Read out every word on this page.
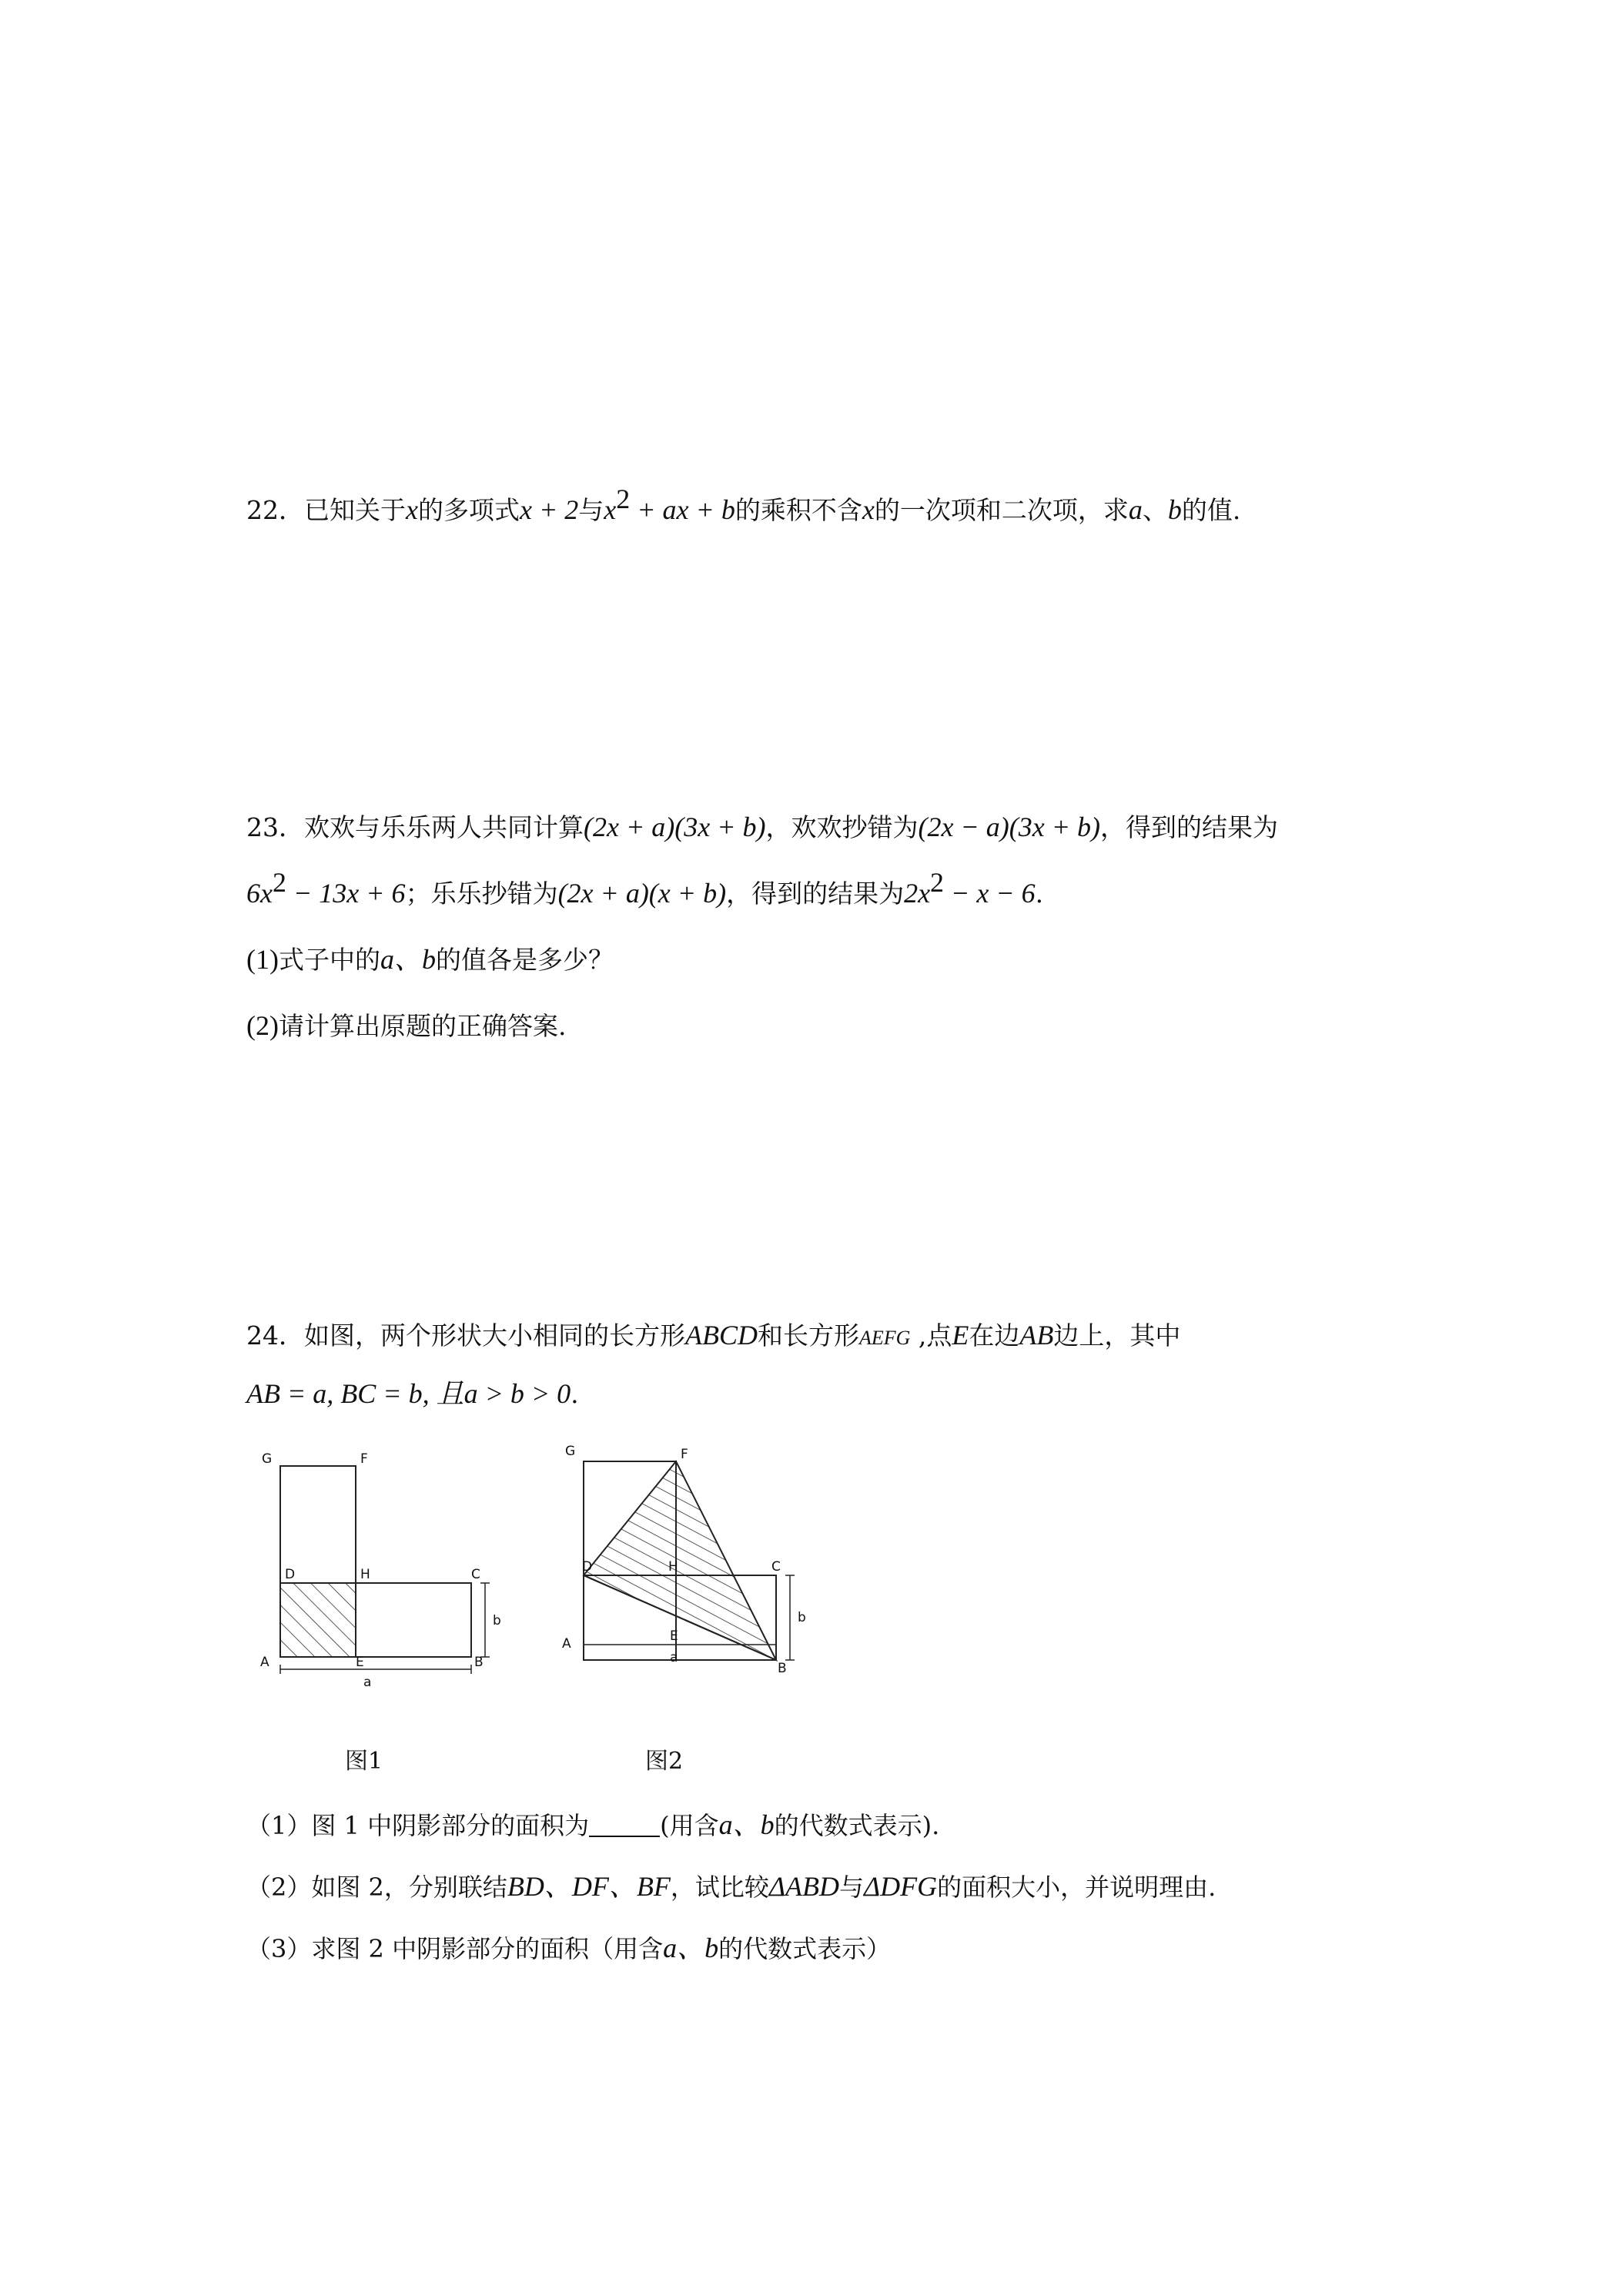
22．已知关于x的多项式x + 2与$x^2$ + ax + b的乘积不含x的一次项和二次项，求a、b的值.
23．欢欢与乐乐两人共同计算(2x + a)(3x + b)，欢欢抄错为(2x − a)(3x + b)，得到的结果为
$6x^2 - 13x + 6$；乐乐抄错为(2x + a)(x + b)，得到的结果为$2x^2 - x - 6$.
(1)式子中的a、b的值各是多少？
(2)请计算出原题的正确答案.
24．如图，两个形状大小相同的长方形ABCD和长方形AEFG ,点E在边AB边上，其中
AB = a, BC = b, 且a > b > 0.
G	F
D	H	C
A	E	B
a
b
图1
G	F
D	H	C
A	E
B
a
b
图2
（1）图 1 中阴影部分的面积为	(用含a、b的代数式表示).
（2）如图 2，分别联结BD、DF、BF，试比较ΔABD与ΔDFG的面积大小，并说明理由.
（3）求图 2 中阴影部分的面积（用含a、b的代数式表示）
